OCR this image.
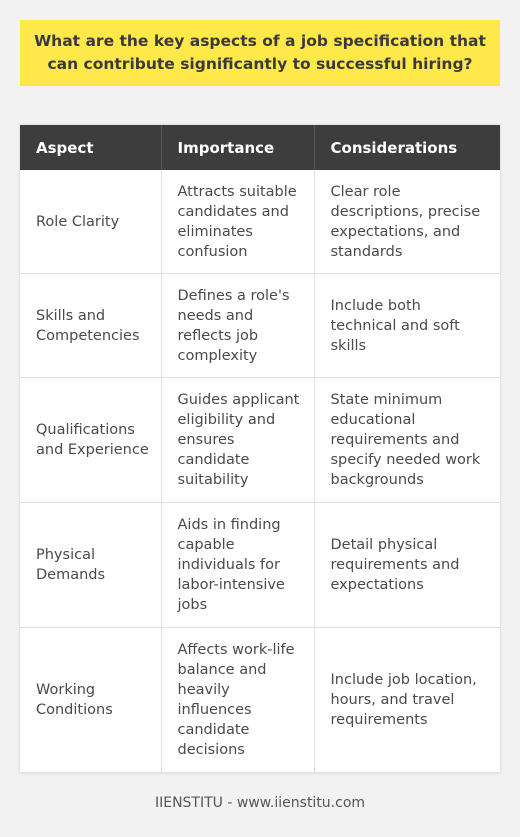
What are the key aspects of a job specification that can contribute significantly to successful hiring?
Aspect	Importance	Considerations

Role Clarity	Attracts suitable candidates and eliminates confusion	Clear role descriptions, precise expectations, and standards

Skills and Competencies	Defines a role's needs and reflects job complexity	Include both technical and soft skills

Qualifications and Experience	Guides applicant eligibility and ensures candidate suitability	State minimum educational requirements and specify needed work backgrounds

Physical Demands	Aids in finding capable individuals for labor-intensive jobs	Detail physical requirements and expectations

Working Conditions	Affects work-life balance and heavily influences candidate decisions	Include job location, hours, and travel requirements
IIENSTITU - www.iienstitu.com
